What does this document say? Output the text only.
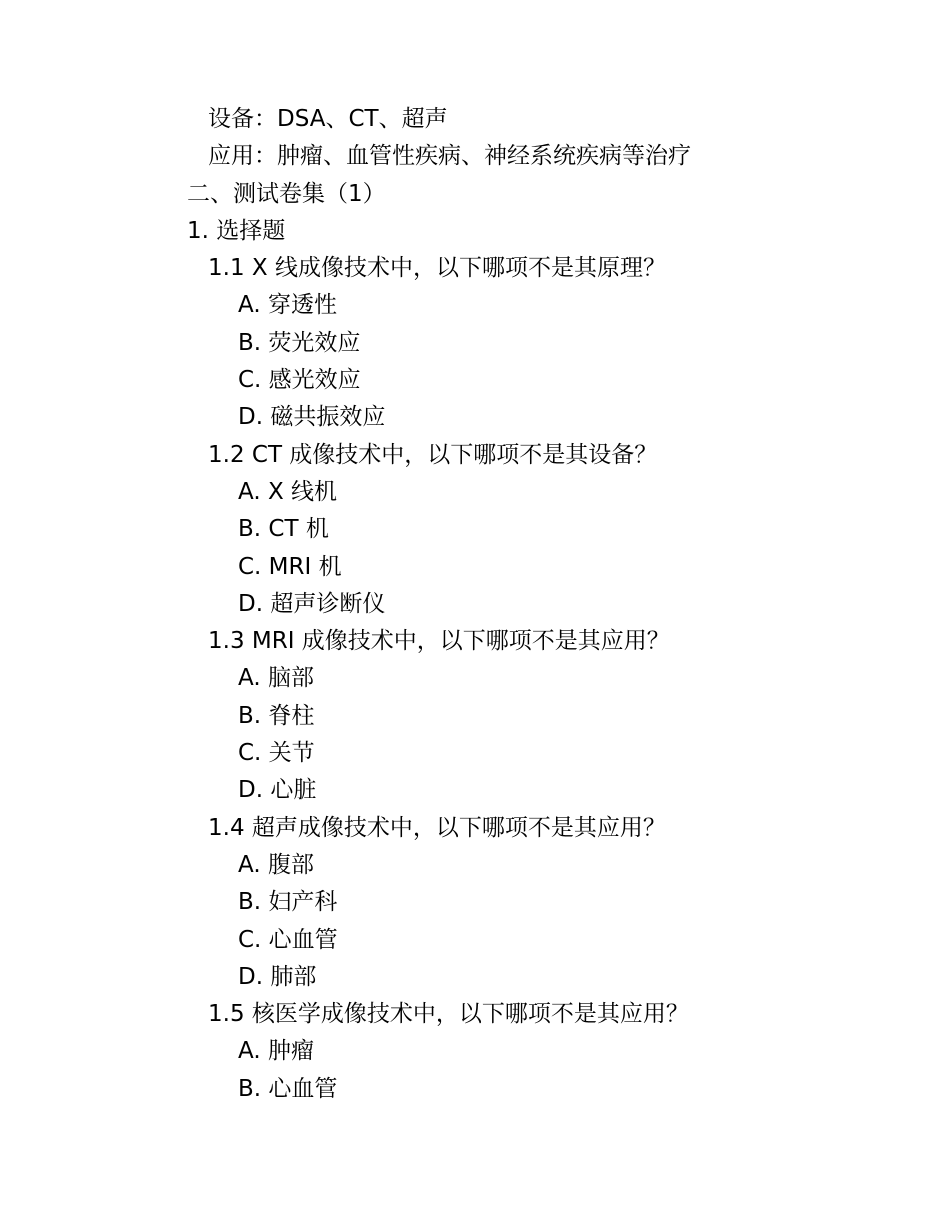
设备：DSA、CT、超声
应用：肿瘤、血管性疾病、神经系统疾病等治疗
二、测试卷集（1）
1. 选择题
1.1 X 线成像技术中，以下哪项不是其原理？
A. 穿透性
B. 荧光效应
C. 感光效应
D. 磁共振效应
1.2 CT 成像技术中，以下哪项不是其设备？
A. X 线机
B. CT 机
C. MRI 机
D. 超声诊断仪
1.3 MRI 成像技术中，以下哪项不是其应用？
A. 脑部
B. 脊柱
C. 关节
D. 心脏
1.4 超声成像技术中，以下哪项不是其应用？
A. 腹部
B. 妇产科
C. 心血管
D. 肺部
1.5 核医学成像技术中，以下哪项不是其应用？
A. 肿瘤
B. 心血管
